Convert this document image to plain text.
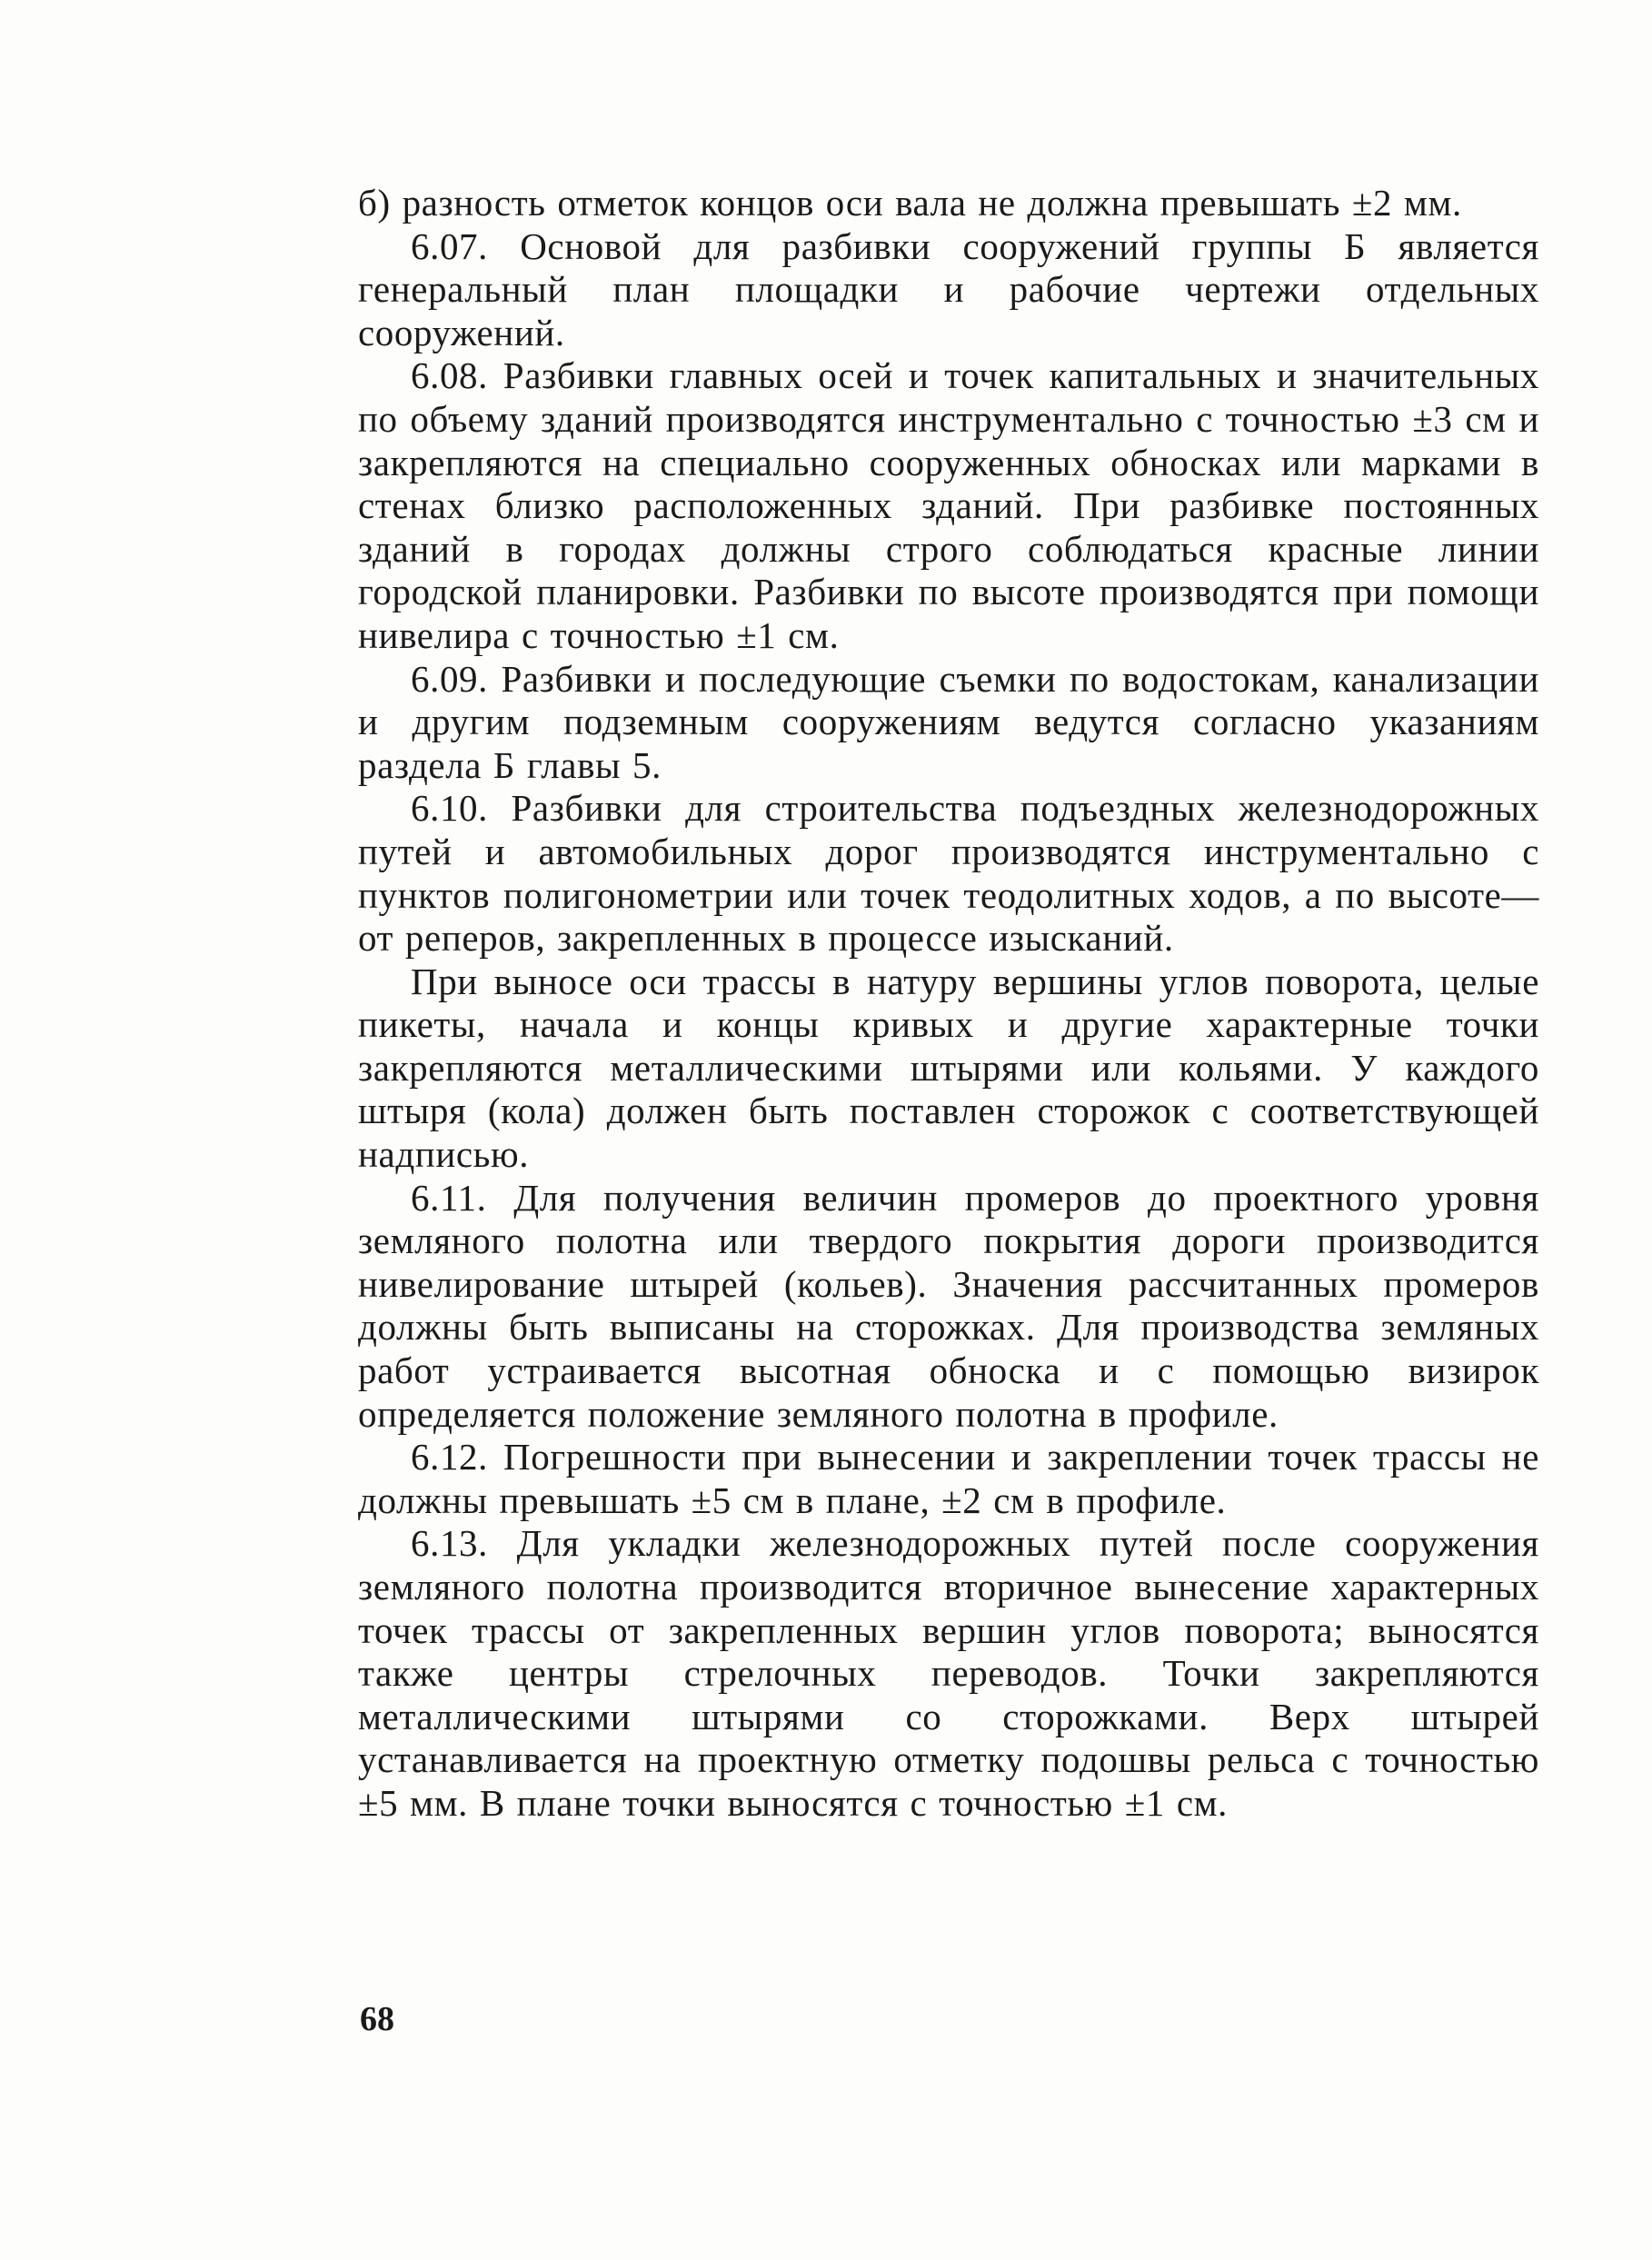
б) разность отметок концов оси вала не должна превышать ±2 мм.

6.07. Основой для разбивки сооружений группы Б является генеральный план площадки и рабочие чертежи отдельных сооружений.

6.08. Разбивки главных осей и точек капитальных и значительных по объему зданий производятся инструментально с точностью ±3 см и закрепляются на специально сооруженных обносках или марками в стенах близко расположенных зданий. При разбивке постоянных зданий в городах должны строго соблюдаться красные линии городской планировки. Разбивки по высоте производятся при помощи нивелира с точностью ±1 см.

6.09. Разбивки и последующие съемки по водостокам, канализации и другим подземным сооружениям ведутся согласно указаниям раздела Б главы 5.

6.10. Разбивки для строительства подъездных железнодорожных путей и автомобильных дорог производятся инструментально с пунктов полигонометрии или точек теодолитных ходов, а по высоте—от реперов, закрепленных в процессе изысканий.

При выносе оси трассы в натуру вершины углов поворота, целые пикеты, начала и концы кривых и другие характерные точки закрепляются металлическими штырями или кольями. У каждого штыря (кола) должен быть поставлен сторожок с соответствующей надписью.

6.11. Для получения величин промеров до проектного уровня земляного полотна или твердого покрытия дороги производится нивелирование штырей (кольев). Значения рассчитанных промеров должны быть выписаны на сторожках. Для производства земляных работ устраивается высотная обноска и с помощью визирок определяется положение земляного полотна в профиле.

6.12. Погрешности при вынесении и закреплении точек трассы не должны превышать ±5 см в плане, ±2 см в профиле.

6.13. Для укладки железнодорожных путей после сооружения земляного полотна производится вторичное вынесение характерных точек трассы от закрепленных вершин углов поворота; выносятся также центры стрелочных переводов. Точки закрепляются металлическими штырями со сторожками. Верх штырей устанавливается на проектную отметку подошвы рельса с точностью ±5 мм. В плане точки выносятся с точностью ±1 см.

68
